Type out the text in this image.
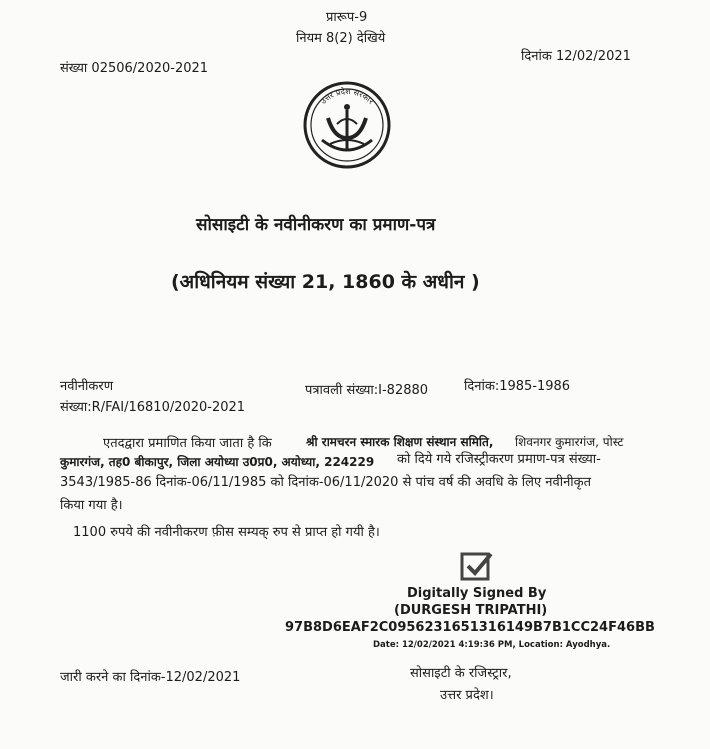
प्रारूप-9
नियम 8(2) देखिये
दिनांक 12/02/2021
संख्या 02506/2020-2021
उत्तर प्रदेश सरकार
सोसाइटी के नवीनीकरण का प्रमाण-पत्र
(अधिनियम संख्या 21, 1860 के अधीन )
नवीनीकरण	पत्रावली संख्या:I-82880	दिनांक:1985-1986
संख्या:R/FAI/16810/2020-2021
एतदद्वारा प्रमाणित किया जाता है कि	श्री रामचरन स्मारक शिक्षण संस्थान समिति, शिवनगर कुमारगंज, पोस्ट
कुमारगंज, तह0 बीकापुर, जिला अयोध्या उ0प्र0, अयोध्या, 224229 को दिये गये रजिस्ट्रीकरण प्रमाण-पत्र संख्या-
3543/1985-86 दिनांक-06/11/1985 को दिनांक-06/11/2020 से पांच वर्ष की अवधि के लिए नवीनीकृत
किया गया है।
1100 रुपये की नवीनीकरण फ़ीस सम्यक् रुप से प्राप्त हो गयी है।
Digitally Signed By
(DURGESH TRIPATHI)
97B8D6EAF2C0956231651316149B7B1CC24F46BB
Date: 12/02/2021 4:19:36 PM, Location: Ayodhya.
जारी करने का दिनांक-12/02/2021	सोसाइटी के रजिस्ट्रार,
उत्तर प्रदेश।
